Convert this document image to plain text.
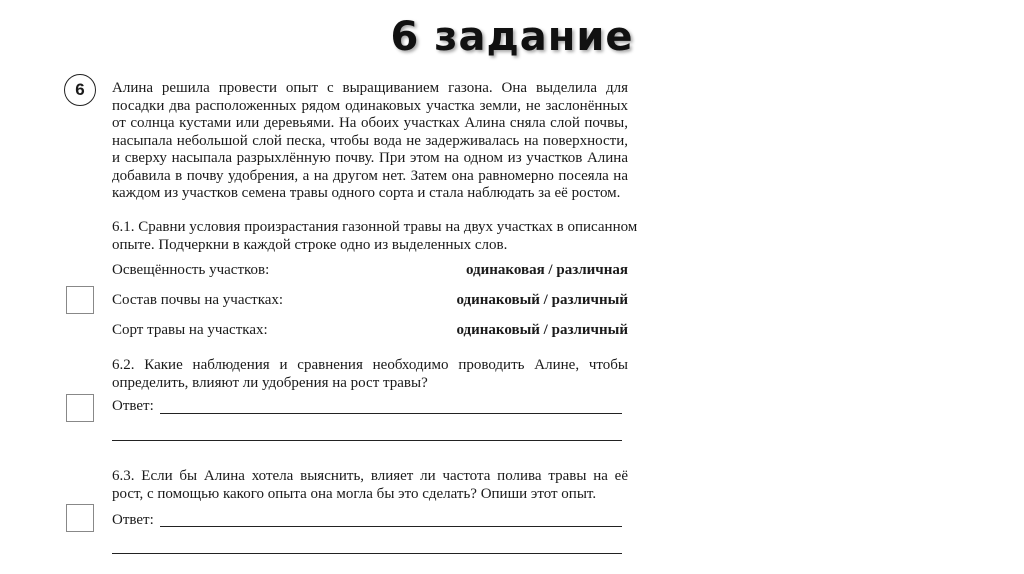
6 задание
6	Алина решила провести опыт с выращиванием газона. Она выделила для
посадки два расположенных рядом одинаковых участка земли, не заслонённых
от солнца кустами или деревьями. На обоих участках Алина сняла слой почвы,
насыпала небольшой слой песка, чтобы вода не задерживалась на поверхности,
и сверху насыпала разрыхлённую почву. При этом на одном из участков Алина
добавила в почву удобрения, а на другом нет. Затем она равномерно посеяла на
каждом из участков семена травы одного сорта и стала наблюдать за её ростом.
6.1. Сравни условия произрастания газонной травы на двух участках в описанном
опыте. Подчеркни в каждой строке одно из выделенных слов.
Освещённость участков:	одинаковая / различная
Состав почвы на участках:	одинаковый / различный
Сорт травы на участках:	одинаковый / различный
6.2. Какие наблюдения и сравнения необходимо проводить Алине, чтобы
определить, влияют ли удобрения на рост травы?
Ответ:
6.3. Если бы Алина хотела выяснить, влияет ли частота полива травы на её
рост, с помощью какого опыта она могла бы это сделать? Опиши этот опыт.
Ответ:
